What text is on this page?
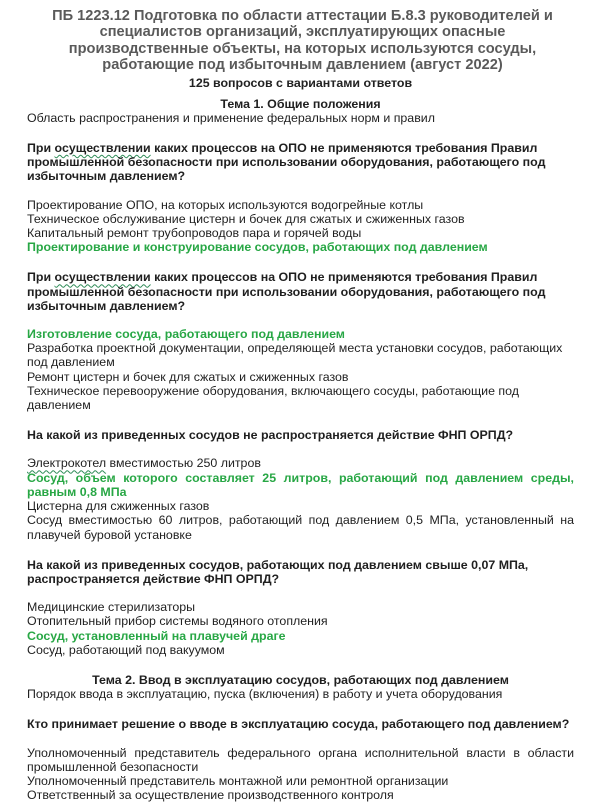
ПБ 1223.12 Подготовка по области аттестации Б.8.3 руководителей и специалистов организаций, эксплуатирующих опасные производственные объекты, на которых используются сосуды, работающие под избыточным давлением (август 2022)
125 вопросов с вариантами ответов
Тема 1. Общие положения
Область распространения и применение федеральных норм и правил
При осуществлении каких процессов на ОПО не применяются требования Правил промышленной безопасности при использовании оборудования, работающего под избыточным давлением?
Проектирование ОПО, на которых используются водогрейные котлы
Техническое обслуживание цистерн и бочек для сжатых и сжиженных газов
Капитальный ремонт трубопроводов пара и горячей воды
Проектирование и конструирование сосудов, работающих под давлением
При осуществлении каких процессов на ОПО не применяются требования Правил промышленной безопасности при использовании оборудования, работающего под избыточным давлением?
Изготовление сосуда, работающего под давлением
Разработка проектной документации, определяющей места установки сосудов, работающих под давлением
Ремонт цистерн и бочек для сжатых и сжиженных газов
Техническое перевооружение оборудования, включающего сосуды, работающие под давлением
На какой из приведенных сосудов не распространяется действие ФНП ОРПД?
Электрокотел вместимостью 250 литров
Сосуд, объем которого составляет 25 литров, работающий под давлением среды, равным 0,8 МПа
Цистерна для сжиженных газов
Сосуд вместимостью 60 литров, работающий под давлением 0,5 МПа, установленный на плавучей буровой установке
На какой из приведенных сосудов, работающих под давлением свыше 0,07 МПа, распространяется действие ФНП ОРПД?
Медицинские стерилизаторы
Отопительный прибор системы водяного отопления
Сосуд, установленный на плавучей драге
Сосуд, работающий под вакуумом
Тема 2. Ввод в эксплуатацию сосудов, работающих под давлением
Порядок ввода в эксплуатацию, пуска (включения) в работу и учета оборудования
Кто принимает решение о вводе в эксплуатацию сосуда, работающего под давлением?
Уполномоченный представитель федерального органа исполнительной власти в области промышленной безопасности
Уполномоченный представитель монтажной или ремонтной организации
Ответственный за осуществление производственного контроля
